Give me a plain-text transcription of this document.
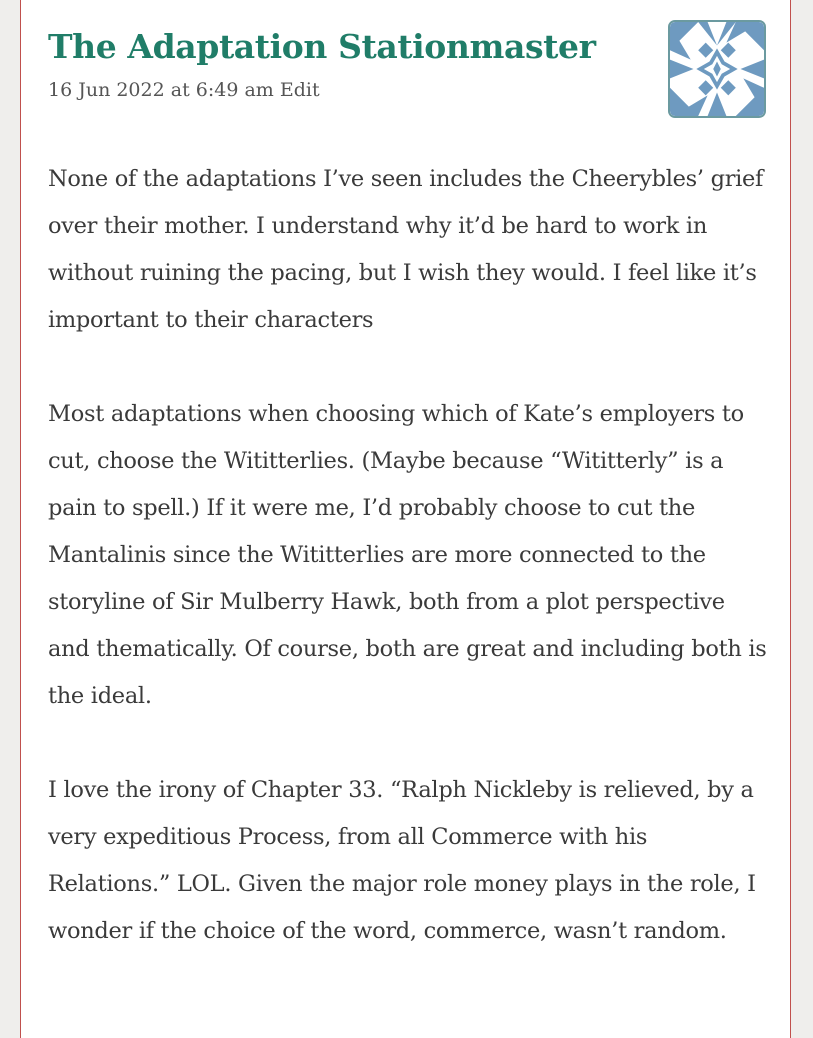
The Adaptation Stationmaster
16 Jun 2022 at 6:49 am Edit

None of the adaptations I’ve seen includes the Cheerybles’ grief over their mother. I understand why it’d be hard to work in without ruining the pacing, but I wish they would. I feel like it’s important to their characters

Most adaptations when choosing which of Kate’s employers to cut, choose the Wititterlies. (Maybe because “Wititterly” is a pain to spell.) If it were me, I’d probably choose to cut the Mantalinis since the Wititterlies are more connected to the storyline of Sir Mulberry Hawk, both from a plot perspective and thematically. Of course, both are great and including both is the ideal.

I love the irony of Chapter 33. “Ralph Nickleby is relieved, by a very expeditious Process, from all Commerce with his Relations.” LOL. Given the major role money plays in the role, I wonder if the choice of the word, commerce, wasn’t random.
